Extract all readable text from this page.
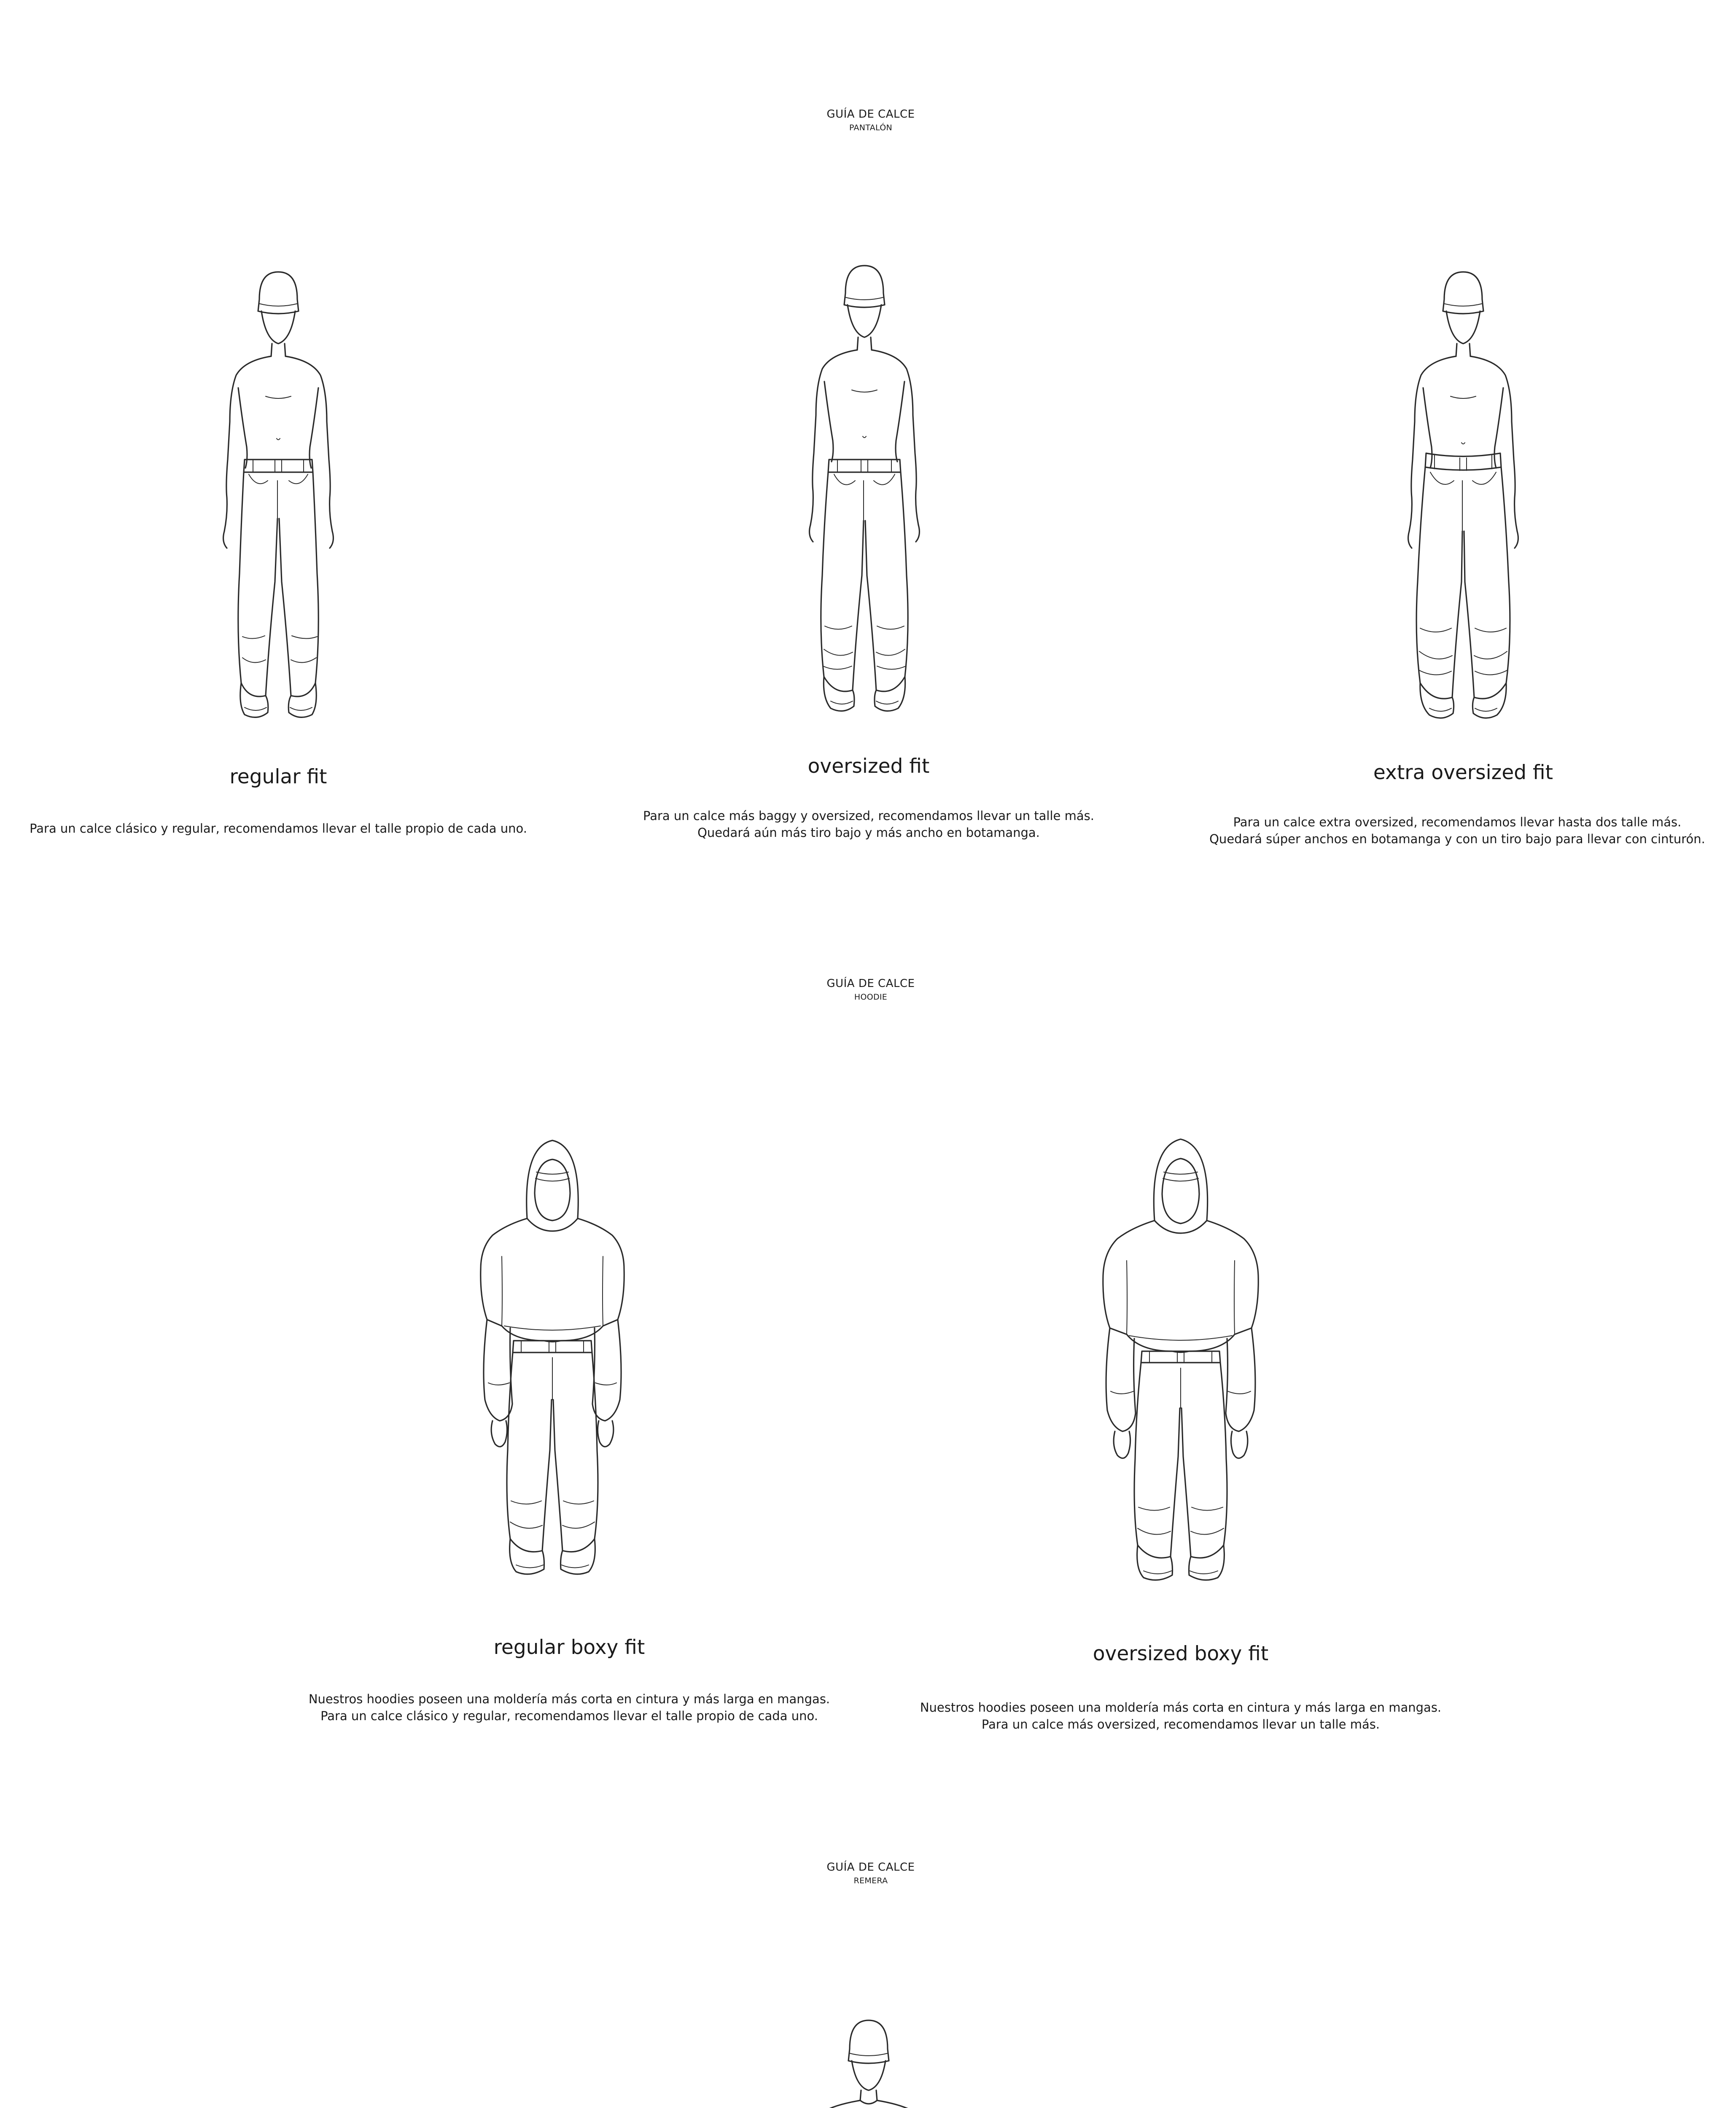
GUÍA DE CALCE
PANTALÓN
regular fit
Para un calce clásico y regular, recomendamos llevar el talle propio de cada uno.
oversized fit
Para un calce más baggy y oversized, recomendamos llevar un talle más.
Quedará aún más tiro bajo y más ancho en botamanga.
extra oversized fit
Para un calce extra oversized, recomendamos llevar hasta dos talle más.
Quedará súper anchos en botamanga y con un tiro bajo para llevar con cinturón.
GUÍA DE CALCE
HOODIE
regular boxy fit
Nuestros hoodies poseen una moldería más corta en cintura y más larga en mangas.
Para un calce clásico y regular, recomendamos llevar el talle propio de cada uno.
oversized boxy fit
Nuestros hoodies poseen una moldería más corta en cintura y más larga en mangas.
Para un calce más oversized, recomendamos llevar un talle más.
GUÍA DE CALCE
REMERA
